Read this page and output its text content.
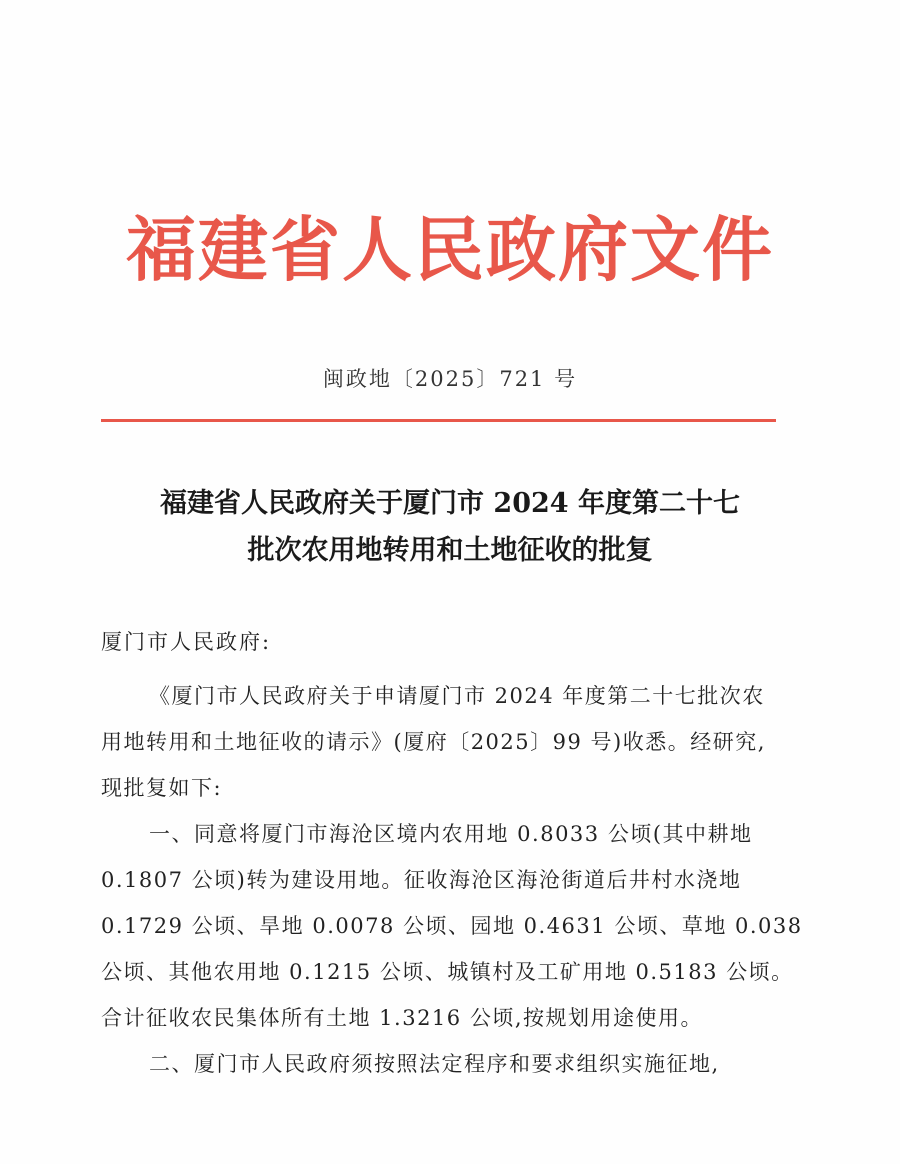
福建省人民政府文件
闽政地〔2025〕721 号
福建省人民政府关于厦门市 2024 年度第二十七
批次农用地转用和土地征收的批复
厦门市人民政府:
《厦门市人民政府关于申请厦门市 2024 年度第二十七批次农
用地转用和土地征收的请示》(厦府〔2025〕99 号)收悉。经研究,
现批复如下:
一、同意将厦门市海沧区境内农用地 0.8033 公顷(其中耕地
0.1807 公顷)转为建设用地。征收海沧区海沧街道后井村水浇地
0.1729 公顷、旱地 0.0078 公顷、园地 0.4631 公顷、草地 0.038
公顷、其他农用地 0.1215 公顷、城镇村及工矿用地 0.5183 公顷。
合计征收农民集体所有土地 1.3216 公顷,按规划用途使用。
二、厦门市人民政府须按照法定程序和要求组织实施征地,
